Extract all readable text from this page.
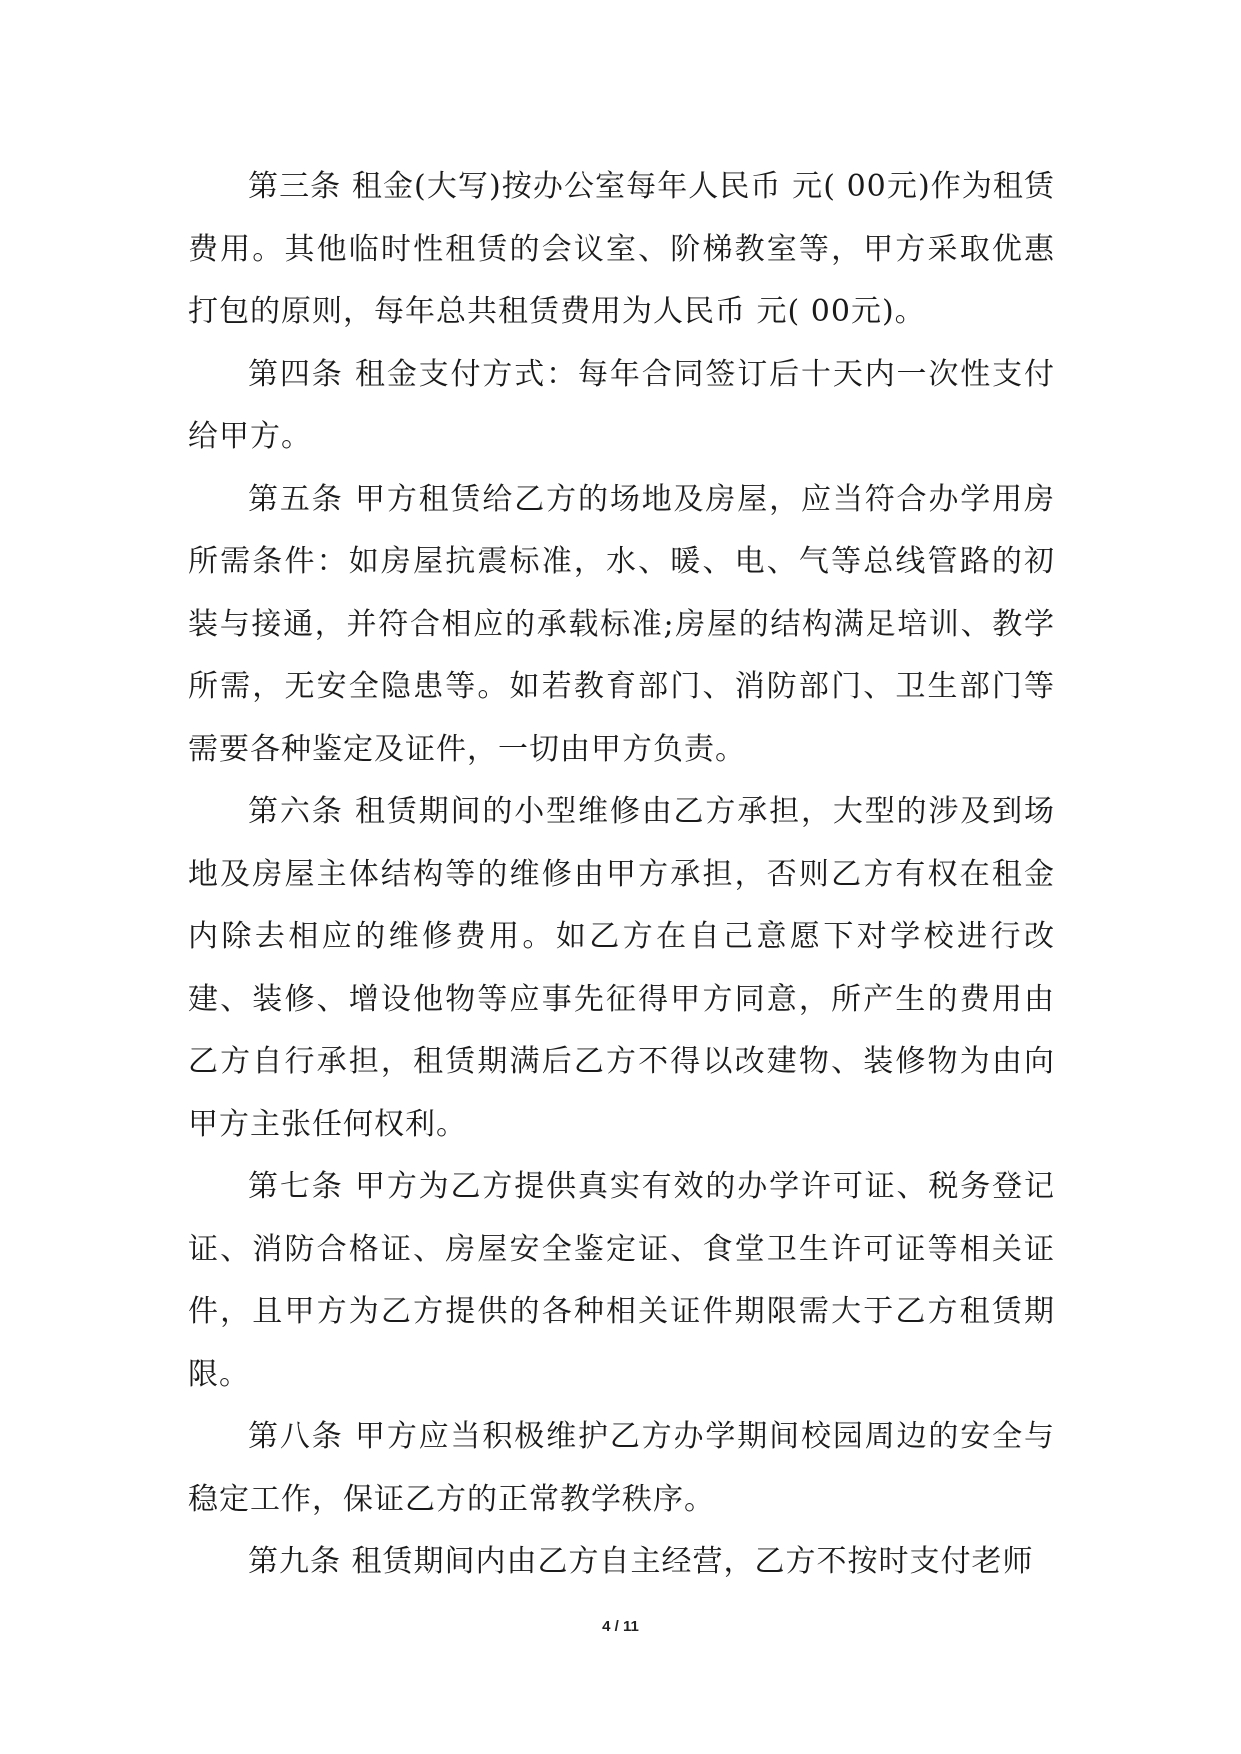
第三条 租金(大写)按办公室每年人民币 元( 00元)作为租赁费用。其他临时性租赁的会议室、阶梯教室等，甲方采取优惠打包的原则，每年总共租赁费用为人民币 元( 00元)。

第四条 租金支付方式：每年合同签订后十天内一次性支付给甲方。

第五条 甲方租赁给乙方的场地及房屋，应当符合办学用房所需条件：如房屋抗震标准，水、暖、电、气等总线管路的初装与接通，并符合相应的承载标准;房屋的结构满足培训、教学所需，无安全隐患等。如若教育部门、消防部门、卫生部门等需要各种鉴定及证件，一切由甲方负责。

第六条 租赁期间的小型维修由乙方承担，大型的涉及到场地及房屋主体结构等的维修由甲方承担，否则乙方有权在租金内除去相应的维修费用。如乙方在自己意愿下对学校进行改建、装修、增设他物等应事先征得甲方同意，所产生的费用由乙方自行承担，租赁期满后乙方不得以改建物、装修物为由向甲方主张任何权利。

第七条 甲方为乙方提供真实有效的办学许可证、税务登记证、消防合格证、房屋安全鉴定证、食堂卫生许可证等相关证件，且甲方为乙方提供的各种相关证件期限需大于乙方租赁期限。

第八条 甲方应当积极维护乙方办学期间校园周边的安全与稳定工作，保证乙方的正常教学秩序。

第九条 租赁期间内由乙方自主经营，乙方不按时支付老师

4 / 11
